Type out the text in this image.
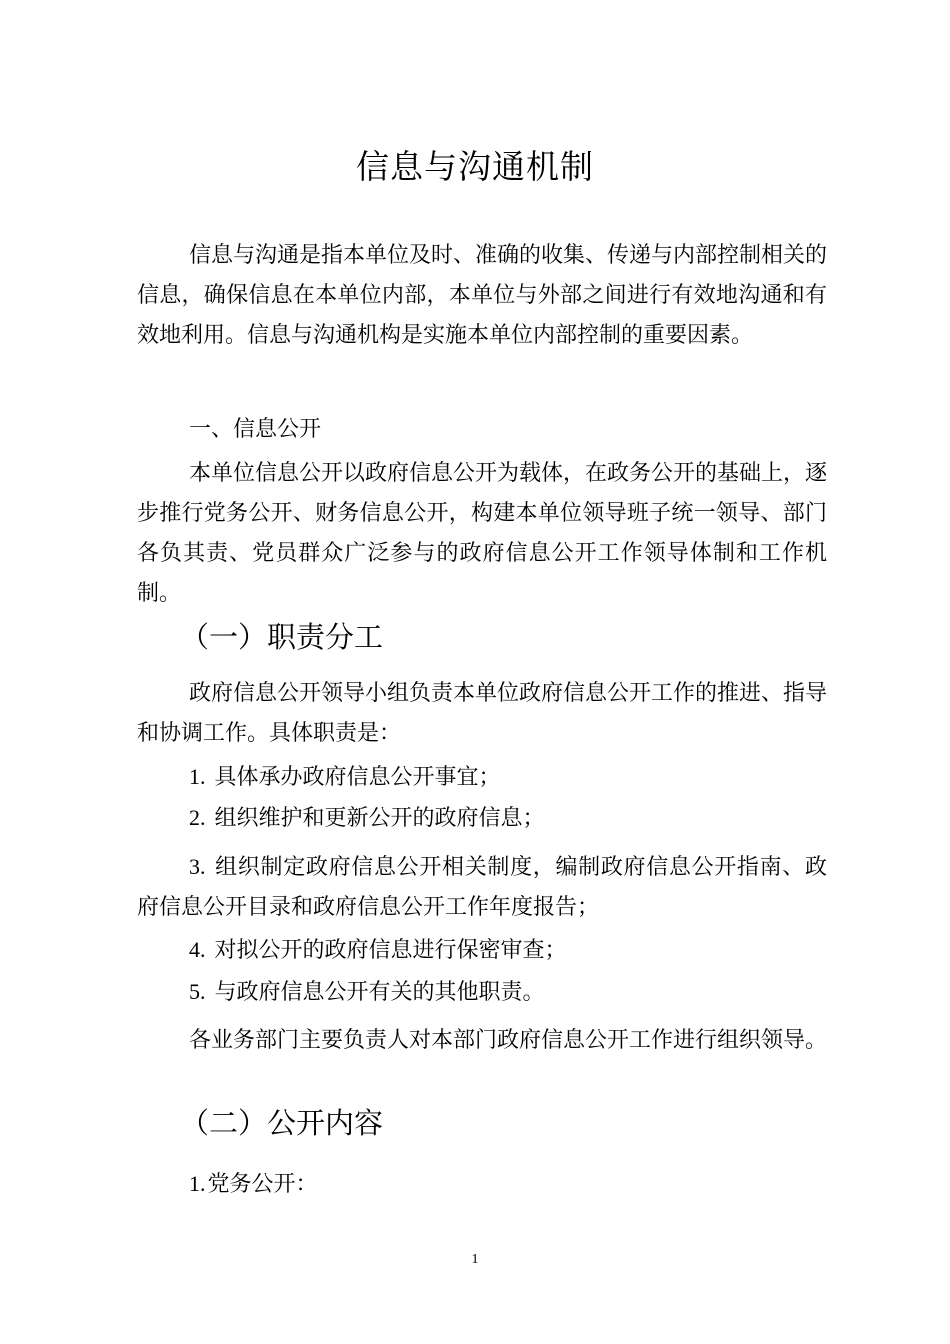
信息与沟通机制

信息与沟通是指本单位及时、准确的收集、传递与内部控制相关的信息，确保信息在本单位内部，本单位与外部之间进行有效地沟通和有效地利用。信息与沟通机构是实施本单位内部控制的重要因素。

一、信息公开

本单位信息公开以政府信息公开为载体，在政务公开的基础上，逐步推行党务公开、财务信息公开，构建本单位领导班子统一领导、部门各负其责、党员群众广泛参与的政府信息公开工作领导体制和工作机制。

（一）职责分工

政府信息公开领导小组负责本单位政府信息公开工作的推进、指导和协调工作。具体职责是：

1. 具体承办政府信息公开事宜；

2. 组织维护和更新公开的政府信息；

3. 组织制定政府信息公开相关制度，编制政府信息公开指南、政府信息公开目录和政府信息公开工作年度报告；

4. 对拟公开的政府信息进行保密审查；

5. 与政府信息公开有关的其他职责。

各业务部门主要负责人对本部门政府信息公开工作进行组织领导。

（二）公开内容

1.党务公开：

1
